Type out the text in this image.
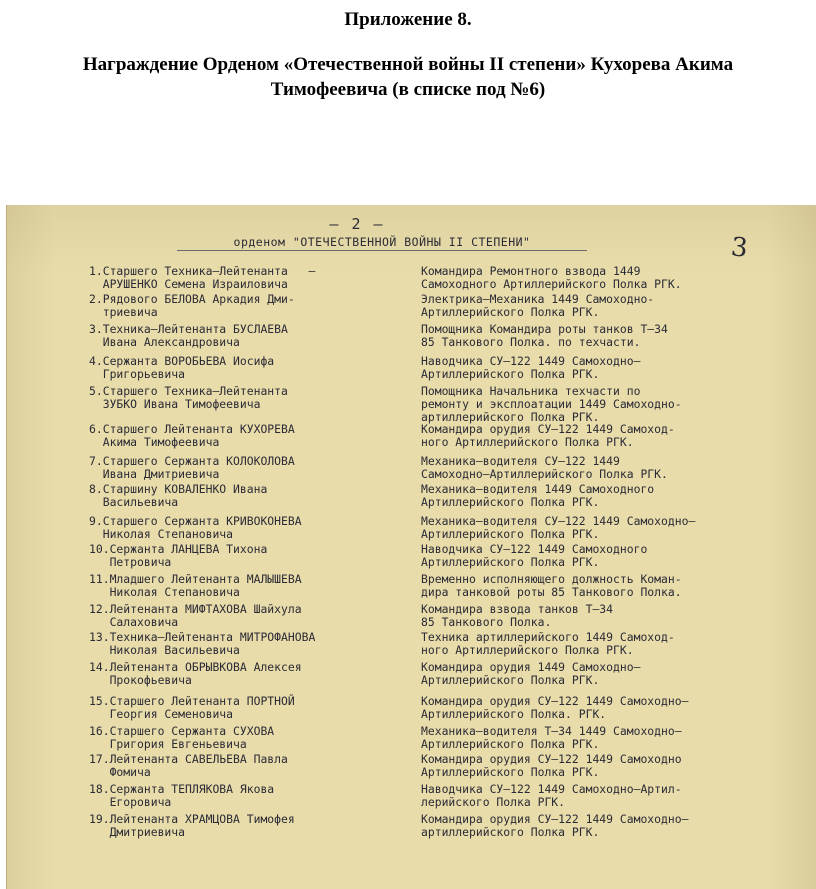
Приложение 8.
Награждение Орденом «Отечественной войны II степени» Кухорева Акима Тимофеевича (в списке под №6)
– 2 –
орденом "ОТЕЧЕСТВЕННОЙ ВОЙНЫ II СТЕПЕНИ"	3
1.Старшего Техника–Лейтенанта   –
АРУШЕНКО Семена Израиловича
Командира Ремонтного взвода 1449
Самоходного Артиллерийского Полка РГК.
2.Рядового БЕЛОВА Аркадия Дми-
триевича
Электрика–Механика 1449 Самоходно-
Артиллерийского Полка РГК.
3.Техника–Лейтенанта БУСЛАЕВА
Ивана Александровича
Помощника Командира роты танков Т–34
85 Танкового Полка. по техчасти.
4.Сержанта ВОРОБЬЕВА Иосифа
Григорьевича
Наводчика СУ–122 1449 Самоходно–
Артиллерийского Полка РГК.
5.Старшего Техника–Лейтенанта
ЗУБКО Ивана Тимофеевича
Помощника Начальника техчасти по
ремонту и эксплоатации 1449 Самоходно-
артиллерийского Полка РГК.
6.Старшего Лейтенанта КУХОРЕВА
Акима Тимофеевича
Командира орудия СУ–122 1449 Самоход-
ного Артиллерийского Полка РГК.
7.Старшего Сержанта КОЛОКОЛОВА
Ивана Дмитриевича
Механика–водителя СУ–122 1449
Самоходно–Артиллерийского Полка РГК.
8.Старшину КОВАЛЕНКО Ивана
Васильевича
Механика–водителя 1449 Самоходного
Артиллерийского Полка РГК.
9.Старшего Сержанта КРИВОКОНЕВА
Николая Степановича
Механика–водителя СУ–122 1449 Самоходно–
Артиллерийского Полка РГК.
10.Сержанта ЛАНЦЕВА Тихона
Петровича
Наводчика СУ–122 1449 Самоходного
Артиллерийского Полка РГК.
11.Младшего Лейтенанта МАЛЫШЕВА
Николая Степановича
Временно исполняющего должность Коман-
дира танковой роты 85 Танкового Полка.
12.Лейтенанта МИФТАХОВА Шайхула
Салаховича
Командира взвода танков Т–34
85 Танкового Полка.
13.Техника–Лейтенанта МИТРОФАНОВА
Николая Васильевича
Техника артиллерийского 1449 Самоход-
ного Артиллерийского Полка РГК.
14.Лейтенанта ОБРЫВКОВА Алексея
Прокофьевича
Командира орудия 1449 Самоходно–
Артиллерийского Полка РГК.
15.Старшего Лейтенанта ПОРТНОЙ
Георгия Семеновича
Командира орудия СУ–122 1449 Самоходно–
Артиллерийского Полка. РГК.
16.Старшего Сержанта СУХОВА
Григория Евгеньевича
Механика–водителя Т–34 1449 Самоходно–
Артиллерийского Полка РГК.
17.Лейтенанта САВЕЛЬЕВА Павла
Фомича
Командира орудия СУ–122 1449 Самоходно
Артиллерийского Полка РГК.
18.Сержанта ТЕПЛЯКОВА Якова
Егоровича
Наводчика СУ–122 1449 Самоходно–Артил-
лерийского Полка РГК.
19.Лейтенанта ХРАМЦОВА Тимофея
Дмитриевича
Командира орудия СУ–122 1449 Самоходно–
артиллерийского Полка РГК.
